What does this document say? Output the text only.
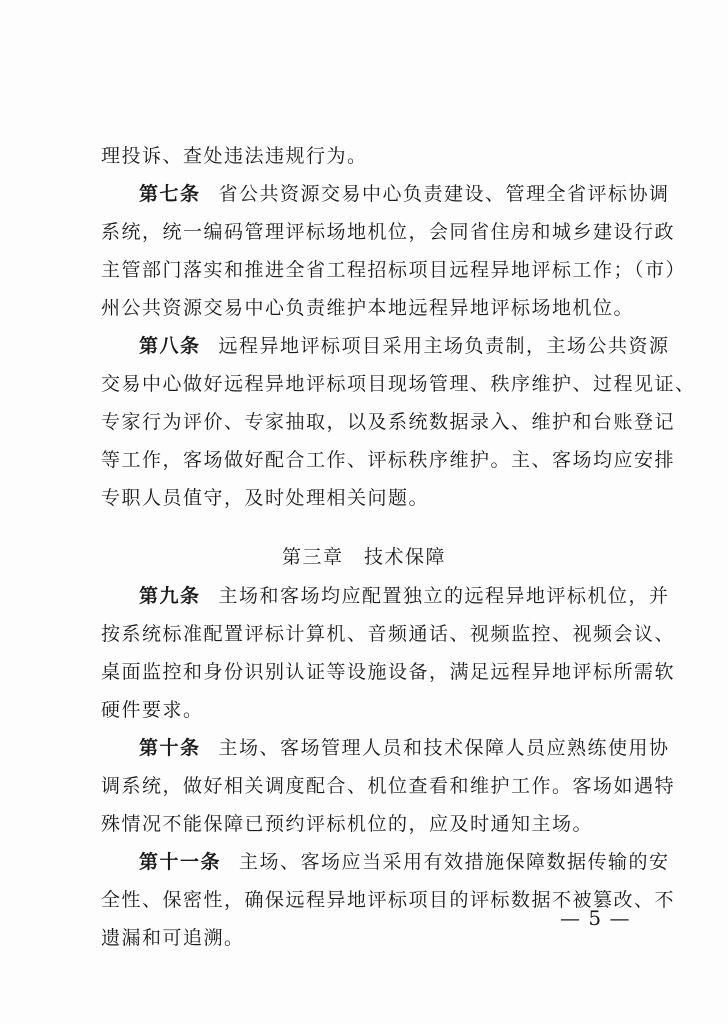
理投诉、查处违法违规行为。
第七条 省公共资源交易中心负责建设、管理全省评标协调
系统，统一编码管理评标场地机位，会同省住房和城乡建设行政
主管部门落实和推进全省工程招标项目远程异地评标工作；（市）
州公共资源交易中心负责维护本地远程异地评标场地机位。
第八条 远程异地评标项目采用主场负责制，主场公共资源
交易中心做好远程异地评标项目现场管理、秩序维护、过程见证、
专家行为评价、专家抽取，以及系统数据录入、维护和台账登记
等工作，客场做好配合工作、评标秩序维护。主、客场均应安排
专职人员值守，及时处理相关问题。
第三章　技术保障
第九条 主场和客场均应配置独立的远程异地评标机位，并
按系统标准配置评标计算机、音频通话、视频监控、视频会议、
桌面监控和身份识别认证等设施设备，满足远程异地评标所需软
硬件要求。
第十条 主场、客场管理人员和技术保障人员应熟练使用协
调系统，做好相关调度配合、机位查看和维护工作。客场如遇特
殊情况不能保障已预约评标机位的，应及时通知主场。
第十一条 主场、客场应当采用有效措施保障数据传输的安
全性、保密性，确保远程异地评标项目的评标数据不被篡改、不
遗漏和可追溯。
— 5 —
